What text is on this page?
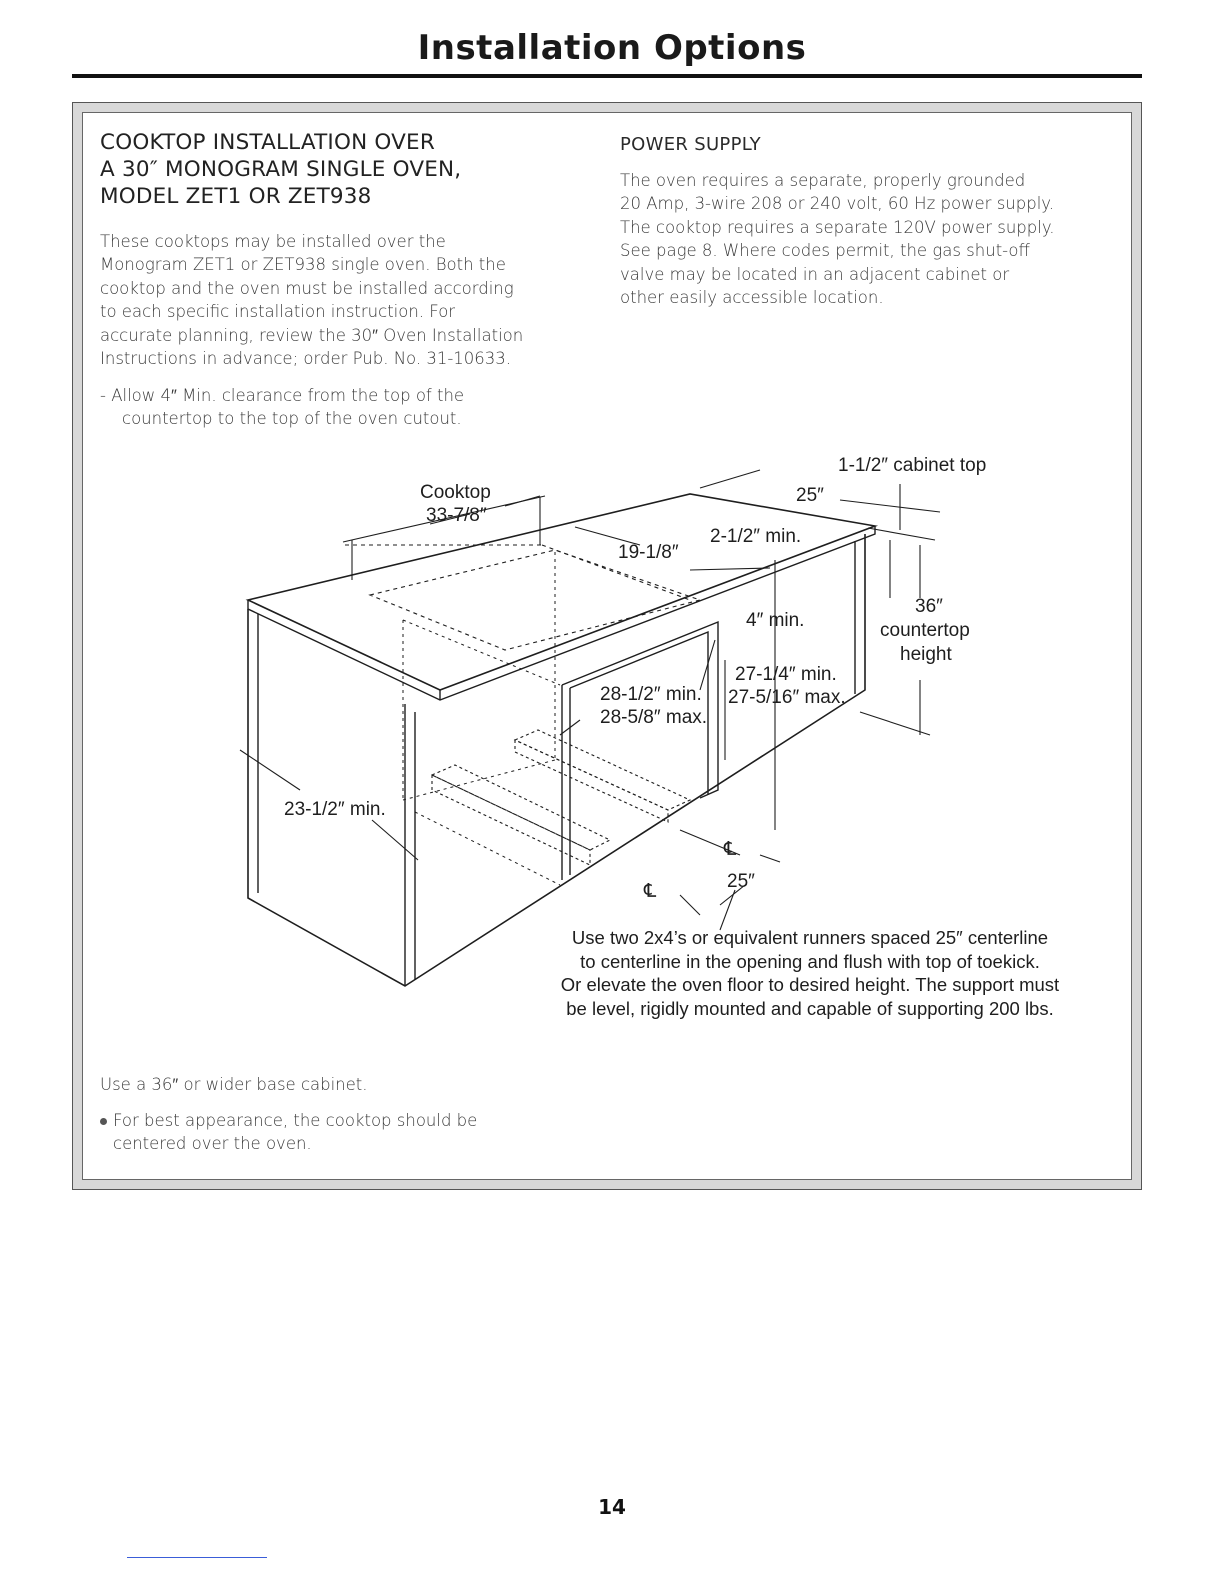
Installation Options
COOKTOP INSTALLATION OVER
A 30″ MONOGRAM SINGLE OVEN,
MODEL ZET1 OR ZET938
These cooktops may be installed over the
Monogram ZET1 or ZET938 single oven. Both the
cooktop and the oven must be installed according
to each specific installation instruction. For
accurate planning, review the 30″ Oven Installation
Instructions in advance; order Pub. No. 31-10633.
- Allow 4″ Min. clearance from the top of the
countertop to the top of the oven cutout.
POWER SUPPLY
The oven requires a separate, properly grounded
20 Amp, 3-wire 208 or 240 volt, 60 Hz power supply.
The cooktop requires a separate 120V power supply.
See page 8. Where codes permit, the gas shut-off
valve may be located in an adjacent cabinet or
other easily accessible location.
Cooktop
33-7/8″
1-1/2″ cabinet top
25″
2-1/2″ min.
19-1/8″
4″ min.
36″
countertop
height
27-1/4″ min.
27-5/16″ max.
28-1/2″ min.
28-5/8″ max.
23-1/2″ min.
℄
℄	25″
Use two 2x4’s or equivalent runners spaced 25″ centerline
to centerline in the opening and flush with top of toekick.
Or elevate the oven floor to desired height. The support must
be level, rigidly mounted and capable of supporting 200 lbs.
Use a 36″ or wider base cabinet.
For best appearance, the cooktop should be
centered over the oven.
14
